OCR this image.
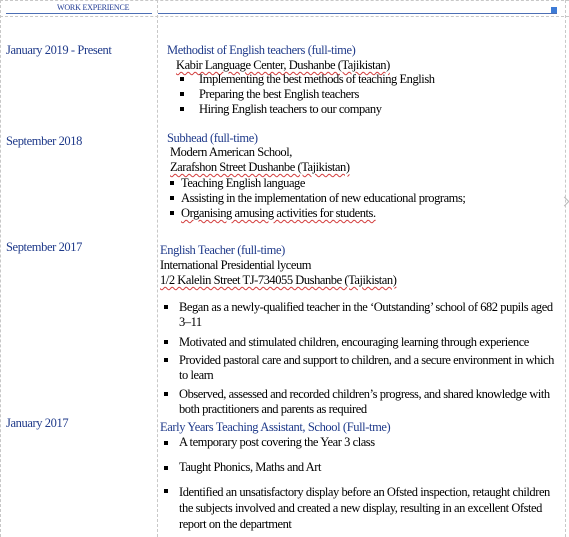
WORK EXPERIENCE
January 2019 - Present	Methodist of English teachers (full-time)
Kabir Language Center, Dushanbe (Tajikistan)
Implementing the best methods of teaching English
Preparing the best English teachers
Hiring English teachers to our company
September 2018	Subhead (full-time)
Modern American School,
Zarafshon Street Dushanbe (Tajikistan)
Teaching English language
Assisting in the implementation of new educational programs;
Organising amusing activities for students.
September 2017	English Teacher (full-time)
International Presidential lyceum
1/2 Kalelin Street TJ-734055 Dushanbe (Tajikistan)
Began as a newly-qualified teacher in the ‘Outstanding’ school of 682 pupils aged 3–11
Motivated and stimulated children, encouraging learning through experience
Provided pastoral care and support to children, and a secure environment in which to learn
Observed, assessed and recorded children’s progress, and shared knowledge with both practitioners and parents as required
January 2017	Early Years Teaching Assistant, School (Full-tme)
A temporary post covering the Year 3 class
Taught Phonics, Maths and Art
Identified an unsatisfactory display before an Ofsted inspection, retaught children the subjects involved and created a new display, resulting in an excellent Ofsted report on the department
